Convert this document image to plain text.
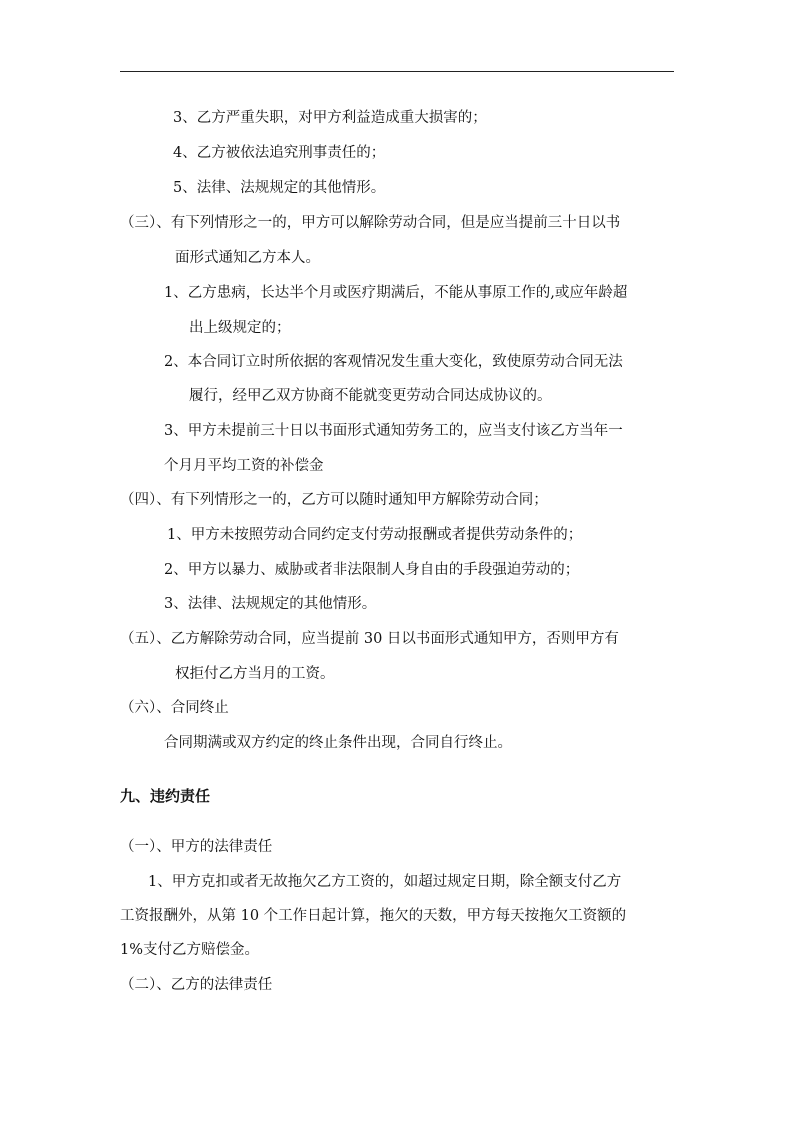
3、乙方严重失职，对甲方利益造成重大损害的；
4、乙方被依法追究刑事责任的；
5、法律、法规规定的其他情形。
（三）、有下列情形之一的，甲方可以解除劳动合同，但是应当提前三十日以书
面形式通知乙方本人。
1、乙方患病，长达半个月或医疗期满后，不能从事原工作的,或应年龄超
出上级规定的；
2、本合同订立时所依据的客观情况发生重大变化，致使原劳动合同无法
履行，经甲乙双方协商不能就变更劳动合同达成协议的。
3、甲方未提前三十日以书面形式通知劳务工的，应当支付该乙方当年一
个月月平均工资的补偿金
（四）、有下列情形之一的，乙方可以随时通知甲方解除劳动合同；
1、甲方未按照劳动合同约定支付劳动报酬或者提供劳动条件的；
2、甲方以暴力、威胁或者非法限制人身自由的手段强迫劳动的；
3、法律、法规规定的其他情形。
（五）、乙方解除劳动合同，应当提前 30 日以书面形式通知甲方，否则甲方有
权拒付乙方当月的工资。
（六）、合同终止
合同期满或双方约定的终止条件出现，合同自行终止。
九、违约责任
（一）、甲方的法律责任
1、甲方克扣或者无故拖欠乙方工资的，如超过规定日期，除全额支付乙方
工资报酬外，从第 10 个工作日起计算，拖欠的天数，甲方每天按拖欠工资额的
1%支付乙方赔偿金。
（二）、乙方的法律责任
